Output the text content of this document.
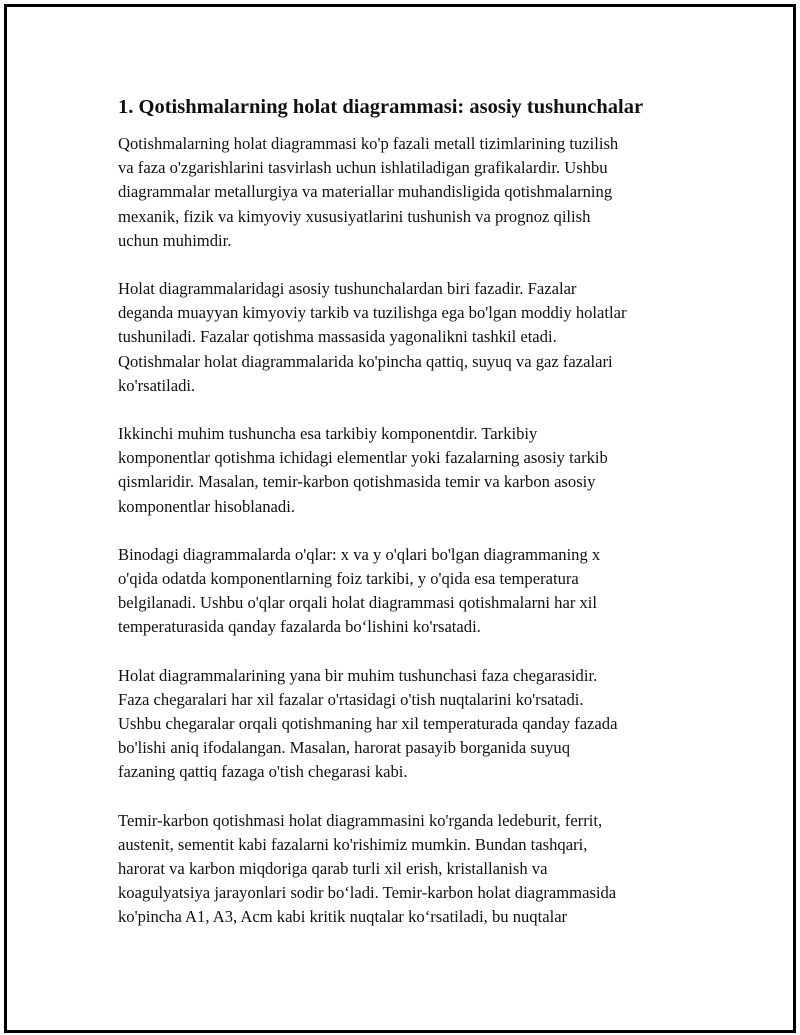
1. Qotishmalarning holat diagrammasi: asosiy tushunchalar
Qotishmalarning holat diagrammasi ko'p fazali metall tizimlarining tuzilish
va faza o'zgarishlarini tasvirlash uchun ishlatiladigan grafikalardir. Ushbu
diagrammalar metallurgiya va materiallar muhandisligida qotishmalarning
mexanik, fizik va kimyoviy xususiyatlarini tushunish va prognoz qilish
uchun muhimdir.
Holat diagrammalaridagi asosiy tushunchalardan biri fazadir. Fazalar
deganda muayyan kimyoviy tarkib va tuzilishga ega bo'lgan moddiy holatlar
tushuniladi. Fazalar qotishma massasida yagonalikni tashkil etadi.
Qotishmalar holat diagrammalarida ko'pincha qattiq, suyuq va gaz fazalari
ko'rsatiladi.
Ikkinchi muhim tushuncha esa tarkibiy komponentdir. Tarkibiy
komponentlar qotishma ichidagi elementlar yoki fazalarning asosiy tarkib
qismlaridir. Masalan, temir-karbon qotishmasida temir va karbon asosiy
komponentlar hisoblanadi.
Binodagi diagrammalarda o'qlar: x va y o'qlari bo'lgan diagrammaning x
o'qida odatda komponentlarning foiz tarkibi, y o'qida esa temperatura
belgilanadi. Ushbu o'qlar orqali holat diagrammasi qotishmalarni har xil
temperaturasida qanday fazalarda bo‘lishini ko'rsatadi.
Holat diagrammalarining yana bir muhim tushunchasi faza chegarasidir.
Faza chegaralari har xil fazalar o'rtasidagi o'tish nuqtalarini ko'rsatadi.
Ushbu chegaralar orqali qotishmaning har xil temperaturada qanday fazada
bo'lishi aniq ifodalangan. Masalan, harorat pasayib borganida suyuq
fazaning qattiq fazaga o'tish chegarasi kabi.
Temir-karbon qotishmasi holat diagrammasini ko'rganda ledeburit, ferrit,
austenit, sementit kabi fazalarni ko'rishimiz mumkin. Bundan tashqari,
harorat va karbon miqdoriga qarab turli xil erish, kristallanish va
koagulyatsiya jarayonlari sodir bo‘ladi. Temir-karbon holat diagrammasida
ko'pincha A1, A3, Acm kabi kritik nuqtalar ko‘rsatiladi, bu nuqtalar
